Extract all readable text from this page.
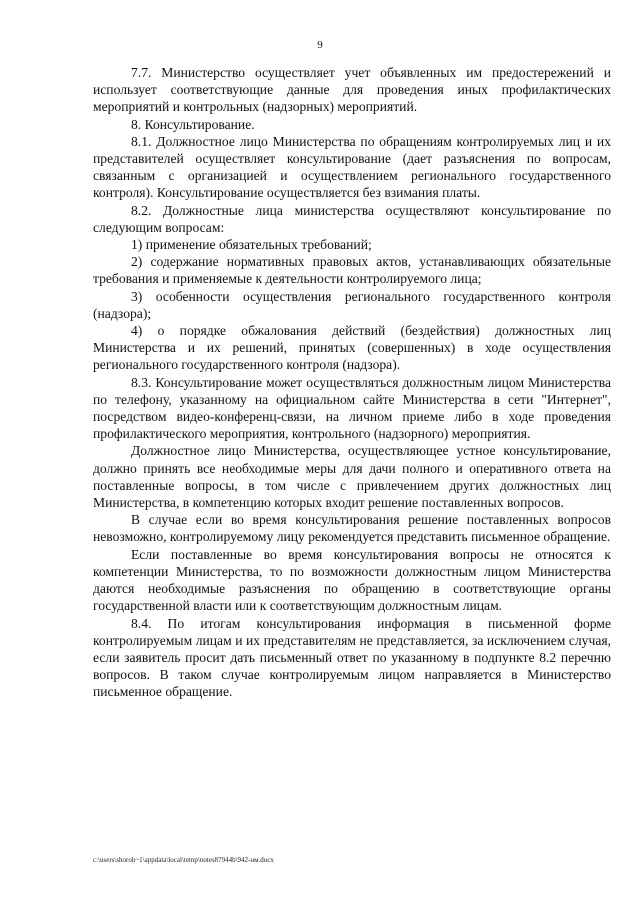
9

7.7. Министерство осуществляет учет объявленных им предостережений и использует соответствующие данные для проведения иных профилактических мероприятий и контрольных (надзорных) мероприятий.

8. Консультирование.

8.1. Должностное лицо Министерства по обращениям контролируемых лиц и их представителей осуществляет консультирование (дает разъяснения по вопросам, связанным с организацией и осуществлением регионального государственного контроля). Консультирование осуществляется без взимания платы.

8.2. Должностные лица министерства осуществляют консультирование по следующим вопросам:

1) применение обязательных требований;

2) содержание нормативных правовых актов, устанавливающих обязательные требования и применяемые к деятельности контролируемого лица;

3) особенности осуществления регионального государственного контроля (надзора);

4) о порядке обжалования действий (бездействия) должностных лиц Министерства и их решений, принятых (совершенных) в ходе осуществления регионального государственного контроля (надзора).

8.3. Консультирование может осуществляться должностным лицом Министерства по телефону, указанному на официальном сайте Министерства в сети "Интернет", посредством видео-конференц-связи, на личном приеме либо в ходе проведения профилактического мероприятия, контрольного (надзорного) мероприятия.

Должностное лицо Министерства, осуществляющее устное консультирование, должно принять все необходимые меры для дачи полного и оперативного ответа на поставленные вопросы, в том числе с привлечением других должностных лиц Министерства, в компетенцию которых входит решение поставленных вопросов.

В случае если во время консультирования решение поставленных вопросов невозможно, контролируемому лицу рекомендуется представить письменное обращение.

Если поставленные во время консультирования вопросы не относятся к компетенции Министерства, то по возможности должностным лицом Министерства даются необходимые разъяснения по обращению в соответствующие органы государственной власти или к соответствующим должностным лицам.

8.4. По итогам консультирования информация в письменной форме контролируемым лицам и их представителям не представляется, за исключением случая, если заявитель просит дать письменный ответ по указанному в подпункте 8.2 перечню вопросов. В таком случае контролируемым лицом направляется в Министерство письменное обращение.

c:\users\shoroh~1\appdata\local\temp\notes87944b\942-нм.docx
